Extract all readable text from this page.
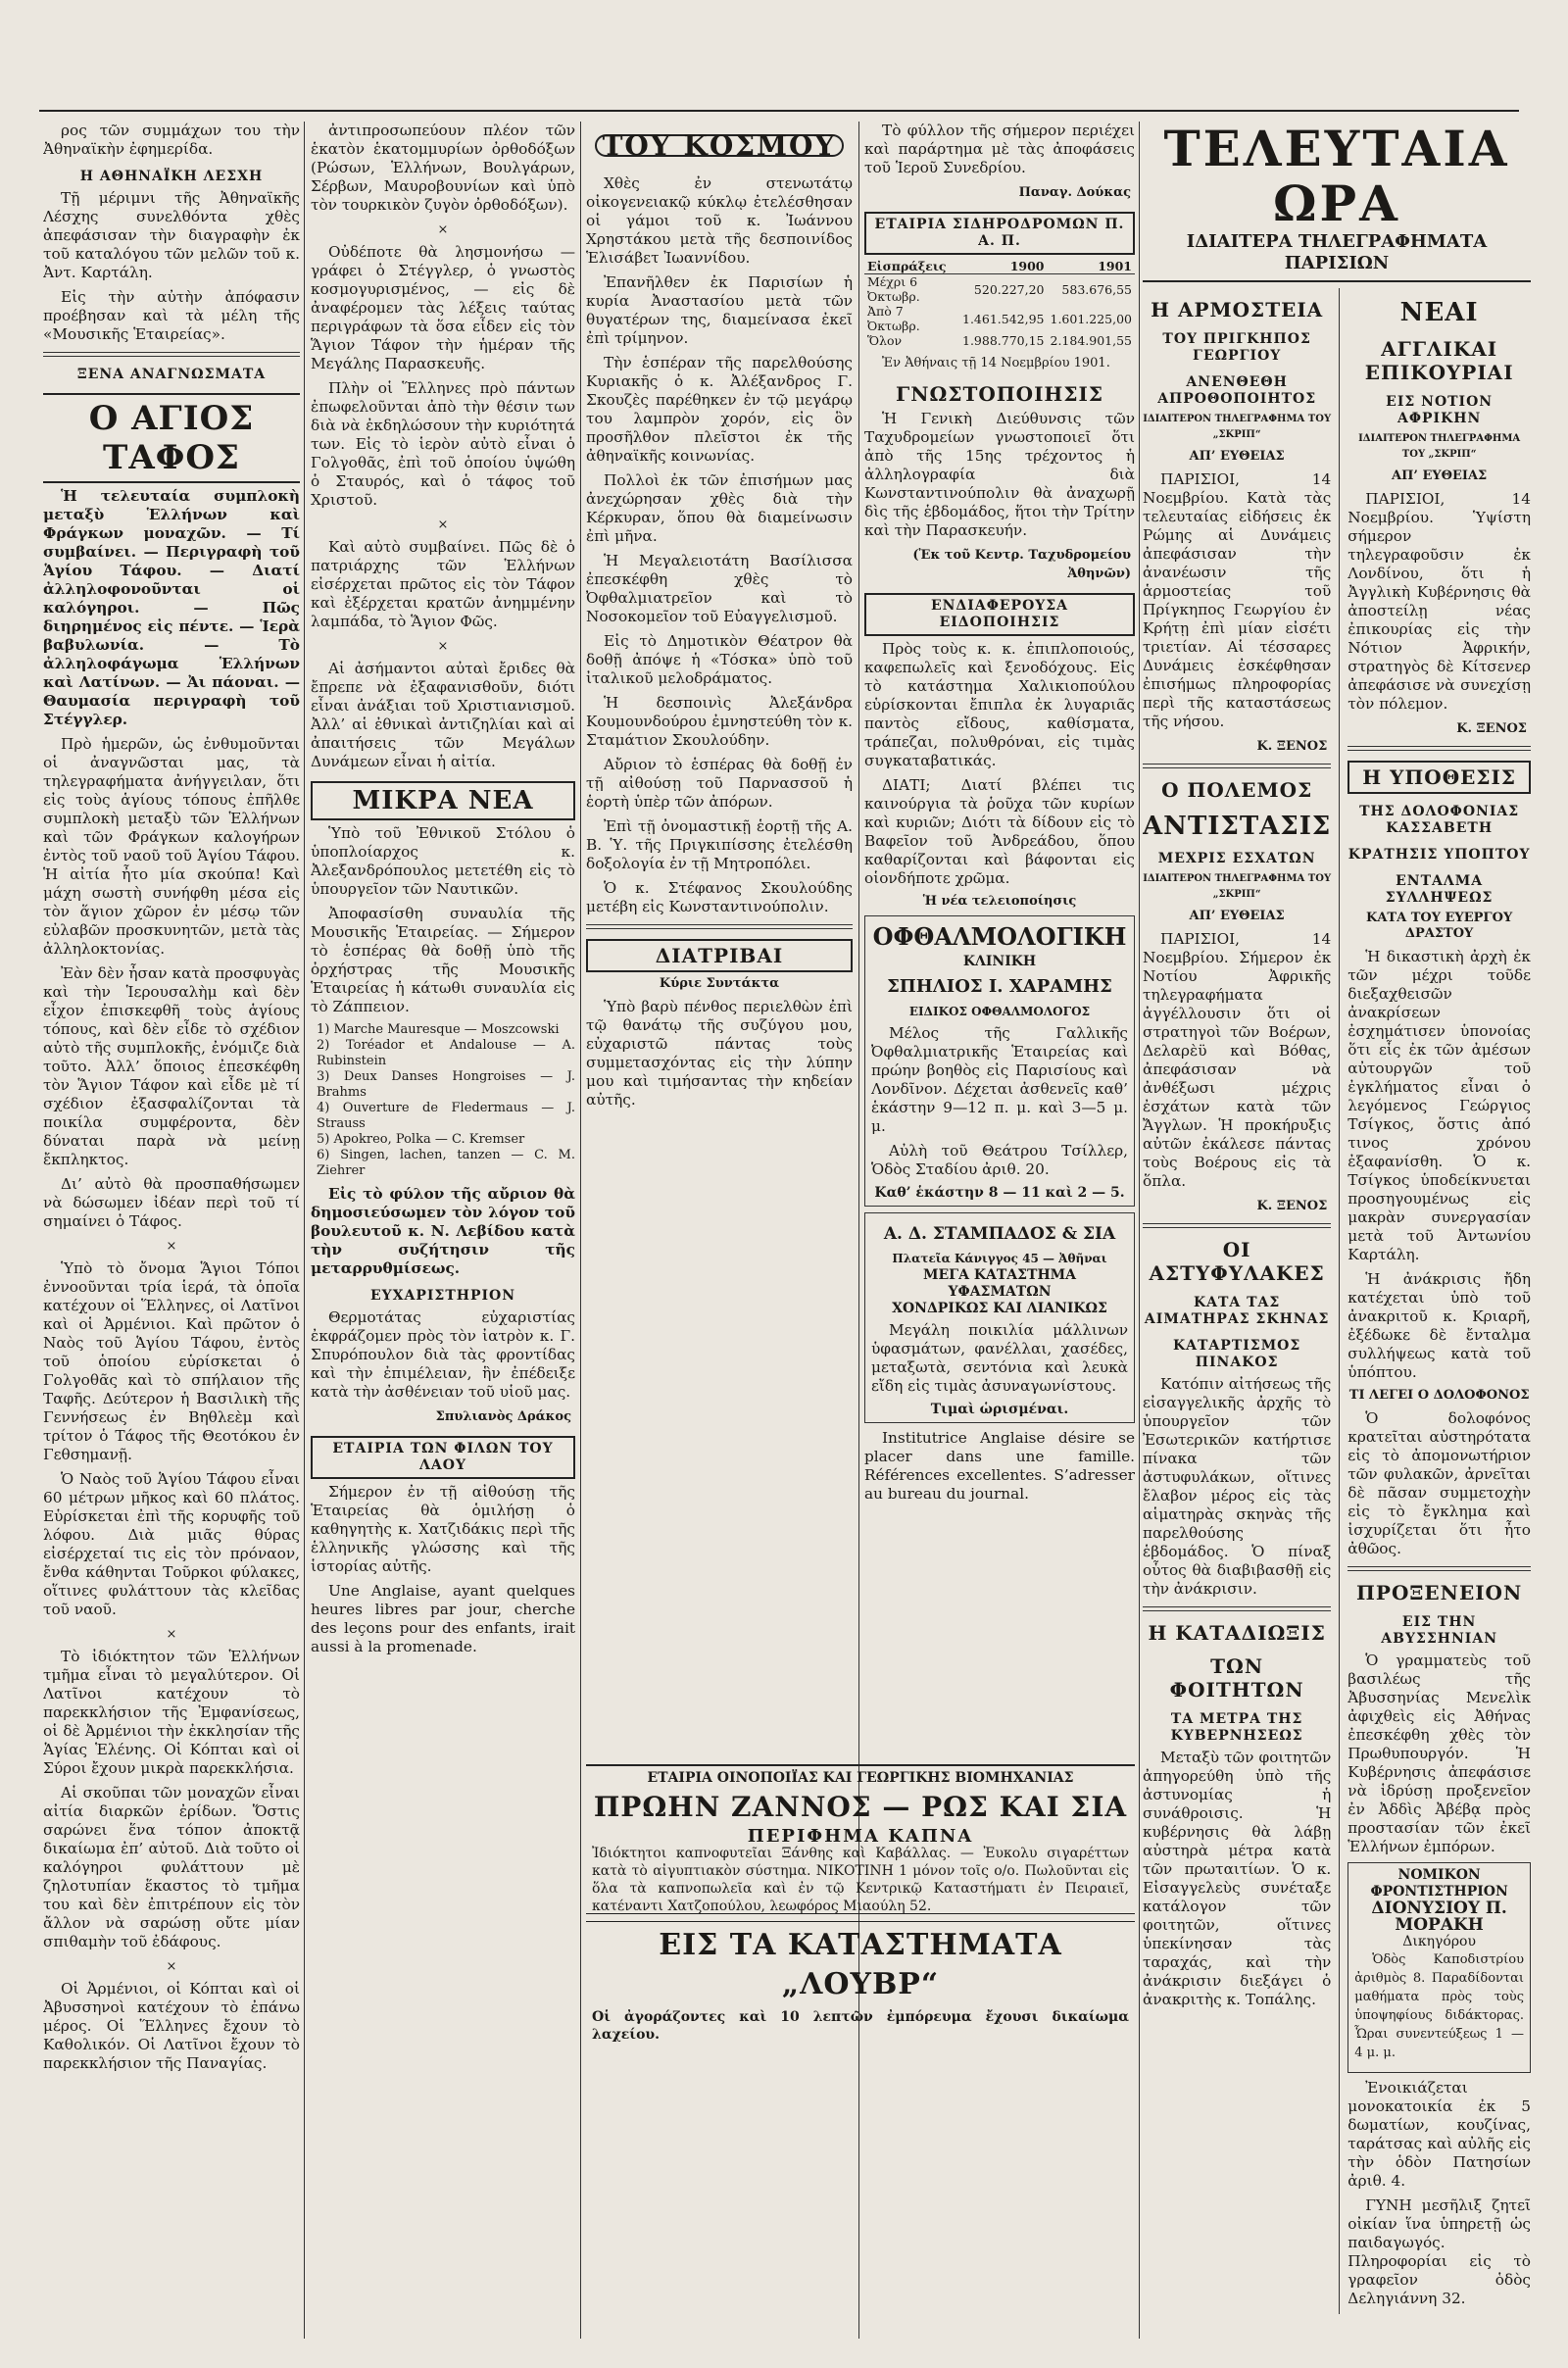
ρος τῶν συμμάχων του τὴν Ἀθηναϊκὴν ἐφημερίδα.

Η ΑΘΗΝΑΪΚΗ ΛΕΣΧΗ

Τῇ μέριμνι τῆς Ἀθηναϊκῆς Λέσχης συνελθόντα χθὲς ἀπεφάσισαν τὴν διαγραφὴν ἐκ τοῦ καταλόγου τῶν μελῶν τοῦ κ. Ἀντ. Καρτάλη.

Εἰς τὴν αὐτὴν ἀπόφασιν προέβησαν καὶ τὰ μέλη τῆς «Μουσικῆς Ἑταιρείας».

ΞΕΝΑ ΑΝΑΓΝΩΣΜΑΤΑ
Ο ΑΓΙΟΣ ΤΑΦΟΣ

Ἡ τελευταία συμπλοκὴ μεταξὺ Ἑλλήνων καὶ Φράγκων μοναχῶν. — Τί συμβαίνει. — Περιγραφὴ τοῦ Ἁγίου Τάφου. — Διατί ἀλληλοφονοῦνται οἱ καλόγηροι. — Πῶς διηρημένος εἰς πέντε. — Ἱερὰ βαβυλωνία. — Τὸ ἀλληλοφάγωμα Ἑλλήνων καὶ Λατίνων. — Ἀι πάοναι. — Θαυμασία περιγραφὴ τοῦ Στέγγλερ.

Πρὸ ἡμερῶν, ὡς ἐνθυμοῦνται οἱ ἀναγνῶσται μας, τὰ τηλεγραφήματα ἀνήγγειλαν, ὅτι εἰς τοὺς ἁγίους τόπους ἐπῆλθε συμπλοκὴ μεταξὺ τῶν Ἑλλήνων καὶ τῶν Φράγκων καλογήρων ἐντὸς τοῦ ναοῦ τοῦ Ἁγίου Τάφου. Ἡ αἰτία ἦτο μία σκούπα! Καὶ μάχη σωστὴ συνήφθη μέσα εἰς τὸν ἅγιον χῶρον ἐν μέσῳ τῶν εὐλαβῶν προσκυνητῶν, μετὰ τὰς ἀλληλοκτονίας.

Ἐὰν δὲν ἦσαν κατὰ προσφυγὰς καὶ τὴν Ἱερουσαλὴμ καὶ δὲν εἶχον ἐπισκεφθῆ τοὺς ἁγίους τόπους, καὶ δὲν εἶδε τὸ σχέδιον αὐτὸ τῆς συμπλοκῆς, ἐνόμιζε διὰ τοῦτο. Ἀλλ’ ὅποιος ἐπεσκέφθη τὸν Ἅγιον Τάφον καὶ εἶδε μὲ τί σχέδιον ἐξασφαλίζονται τὰ ποικίλα συμφέροντα, δὲν δύναται παρὰ νὰ μείνῃ ἔκπληκτος.

Δι’ αὐτὸ θὰ προσπαθήσωμεν νὰ δώσωμεν ἰδέαν περὶ τοῦ τί σημαίνει ὁ Τάφος.

×

Ὑπὸ τὸ ὄνομα Ἅγιοι Τόποι ἐννοοῦνται τρία ἱερά, τὰ ὁποῖα κατέχουν οἱ Ἕλληνες, οἱ Λατῖνοι καὶ οἱ Ἀρμένιοι. Καὶ πρῶτον ὁ Ναὸς τοῦ Ἁγίου Τάφου, ἐντὸς τοῦ ὁποίου εὑρίσκεται ὁ Γολγοθᾶς καὶ τὸ σπήλαιον τῆς Ταφῆς. Δεύτερον ἡ Βασιλικὴ τῆς Γεννήσεως ἐν Βηθλεὲμ καὶ τρίτον ὁ Τάφος τῆς Θεοτόκου ἐν Γεθσημανῇ.

Ὁ Ναὸς τοῦ Ἁγίου Τάφου εἶναι 60 μέτρων μῆκος καὶ 60 πλάτος. Εὑρίσκεται ἐπὶ τῆς κορυφῆς τοῦ λόφου. Διὰ μιᾶς θύρας εἰσέρχεταί τις εἰς τὸν πρόναον, ἔνθα κάθηνται Τοῦρκοι φύλακες, οἵτινες φυλάττουν τὰς κλεῖδας τοῦ ναοῦ.

×

Τὸ ἰδιόκτητον τῶν Ἑλλήνων τμῆμα εἶναι τὸ μεγαλύτερον. Οἱ Λατῖνοι κατέχουν τὸ παρεκκλήσιον τῆς Ἐμφανίσεως, οἱ δὲ Ἀρμένιοι τὴν ἐκκλησίαν τῆς Ἁγίας Ἑλένης. Οἱ Κόπται καὶ οἱ Σύροι ἔχουν μικρὰ παρεκκλήσια.

Αἱ σκοῦπαι τῶν μοναχῶν εἶναι αἰτία διαρκῶν ἐρίδων. Ὅστις σαρώνει ἕνα τόπον ἀποκτᾷ δικαίωμα ἐπ’ αὐτοῦ. Διὰ τοῦτο οἱ καλόγηροι φυλάττουν μὲ ζηλοτυπίαν ἕκαστος τὸ τμῆμα του καὶ δὲν ἐπιτρέπουν εἰς τὸν ἄλλον νὰ σαρώσῃ οὔτε μίαν σπιθαμὴν τοῦ ἐδάφους.

×

Οἱ Ἀρμένιοι, οἱ Κόπται καὶ οἱ Ἀβυσσηνοὶ κατέχουν τὸ ἐπάνω μέρος. Οἱ Ἕλληνες ἔχουν τὸ Καθολικόν. Οἱ Λατῖνοι ἔχουν τὸ παρεκκλήσιον τῆς Παναγίας.

ἀντιπροσωπεύουν πλέον τῶν ἑκατὸν ἑκατομμυρίων ὀρθοδόξων (Ρώσων, Ἑλλήνων, Βουλγάρων, Σέρβων, Μαυροβουνίων καὶ ὑπὸ τὸν τουρκικὸν ζυγὸν ὀρθοδόξων).

×

Οὐδέποτε θὰ λησμονήσω — γράφει ὁ Στέγγλερ, ὁ γνωστὸς κοσμογυρισμένος, — εἰς δὲ ἀναφέρομεν τὰς λέξεις ταύτας περιγράφων τὰ ὅσα εἶδεν εἰς τὸν Ἅγιον Τάφον τὴν ἡμέραν τῆς Μεγάλης Παρασκευῆς.

Πλὴν οἱ Ἕλληνες πρὸ πάντων ἐπωφελοῦνται ἀπὸ τὴν θέσιν των διὰ νὰ ἐκδηλώσουν τὴν κυριότητά των. Εἰς τὸ ἱερὸν αὐτὸ εἶναι ὁ Γολγοθᾶς, ἐπὶ τοῦ ὁποίου ὑψώθη ὁ Σταυρός, καὶ ὁ τάφος τοῦ Χριστοῦ.

×

Καὶ αὐτὸ συμβαίνει. Πῶς δὲ ὁ πατριάρχης τῶν Ἑλλήνων εἰσέρχεται πρῶτος εἰς τὸν Τάφον καὶ ἐξέρχεται κρατῶν ἀνημμένην λαμπάδα, τὸ Ἅγιον Φῶς.

×

Αἱ ἀσήμαντοι αὐταὶ ἔριδες θὰ ἔπρεπε νὰ ἐξαφανισθοῦν, διότι εἶναι ἀνάξιαι τοῦ Χριστιανισμοῦ. Ἀλλ’ αἱ ἐθνικαὶ ἀντιζηλίαι καὶ αἱ ἀπαιτήσεις τῶν Μεγάλων Δυνάμεων εἶναι ἡ αἰτία.

ΜΙΚΡΑ ΝΕΑ

Ὑπὸ τοῦ Ἐθνικοῦ Στόλου ὁ ὑποπλοίαρχος κ. Ἀλεξανδρόπουλος μετετέθη εἰς τὸ ὑπουργεῖον τῶν Ναυτικῶν.

Ἀποφασίσθη συναυλία τῆς Μουσικῆς Ἑταιρείας. — Σήμερον τὸ ἑσπέρας θὰ δοθῇ ὑπὸ τῆς ὀρχήστρας τῆς Μουσικῆς Ἑταιρείας ἡ κάτωθι συναυλία εἰς τὸ Ζάππειον.

1) Marche Mauresque — Moszcowski
2) Toréador et Andalouse — A. Rubinstein
3) Deux Danses Hongroises — J. Brahms
4) Ouverture de Fledermaus — J. Strauss
5) Apokreo, Polka — C. Kremser
6) Singen, lachen, tanzen — C. M. Ziehrer

Εἰς τὸ φύλον τῆς αὔριον θὰ δημοσιεύσωμεν τὸν λόγον τοῦ βουλευτοῦ κ. Ν. Λεβίδου κατὰ τὴν συζήτησιν τῆς μεταρρυθμίσεως.

ΕΥΧΑΡΙΣΤΗΡΙΟΝ

Θερμοτάτας εὐχαριστίας ἐκφράζομεν πρὸς τὸν ἰατρὸν κ. Γ. Σπυρόπουλον διὰ τὰς φροντίδας καὶ τὴν ἐπιμέλειαν, ἣν ἐπέδειξε κατὰ τὴν ἀσθένειαν τοῦ υἱοῦ μας.

Σπυλιανὸς Δράκος
ΕΤΑΙΡΙΑ ΤΩΝ ΦΙΛΩΝ ΤΟΥ ΛΑΟΥ

Σήμερον ἐν τῇ αἰθούσῃ τῆς Ἑταιρείας θὰ ὁμιλήσῃ ὁ καθηγητὴς κ. Χατζιδάκις περὶ τῆς ἑλληνικῆς γλώσσης καὶ τῆς ἱστορίας αὐτῆς.

Une Anglaise, ayant quelques heures libres par jour, cherche des leçons pour des enfants, irait aussi à la promenade.

ΤΟΥ ΚΟΣΜΟΥ

Χθὲς ἐν στενωτάτῳ οἰκογενειακῷ κύκλῳ ἐτελέσθησαν οἱ γάμοι τοῦ κ. Ἰωάννου Χρηστάκου μετὰ τῆς δεσποινίδος Ἑλισάβετ Ἰωαννίδου.

Ἐπανῆλθεν ἐκ Παρισίων ἡ κυρία Ἀναστασίου μετὰ τῶν θυγατέρων της, διαμείνασα ἐκεῖ ἐπὶ τρίμηνον.

Τὴν ἑσπέραν τῆς παρελθούσης Κυριακῆς ὁ κ. Ἀλέξανδρος Γ. Σκουζὲς παρέθηκεν ἐν τῷ μεγάρῳ του λαμπρὸν χορόν, εἰς ὃν προσῆλθον πλεῖστοι ἐκ τῆς ἀθηναϊκῆς κοινωνίας.

Πολλοὶ ἐκ τῶν ἐπισήμων μας ἀνεχώρησαν χθὲς διὰ τὴν Κέρκυραν, ὅπου θὰ διαμείνωσιν ἐπὶ μῆνα.

Ἡ Μεγαλειοτάτη Βασίλισσα ἐπεσκέφθη χθὲς τὸ Ὀφθαλμιατρεῖον καὶ τὸ Νοσοκομεῖον τοῦ Εὐαγγελισμοῦ.

Εἰς τὸ Δημοτικὸν Θέατρον θὰ δοθῇ ἀπόψε ἡ «Τόσκα» ὑπὸ τοῦ ἰταλικοῦ μελοδράματος.

Ἡ δεσποινὶς Ἀλεξάνδρα Κουμουνδούρου ἐμνηστεύθη τὸν κ. Σταμάτιον Σκουλούδην.

Αὔριον τὸ ἑσπέρας θὰ δοθῇ ἐν τῇ αἰθούσῃ τοῦ Παρνασσοῦ ἡ ἑορτὴ ὑπὲρ τῶν ἀπόρων.

Ἐπὶ τῇ ὀνομαστικῇ ἑορτῇ τῆς Α. Β. Ὑ. τῆς Πριγκιπίσσης ἐτελέσθη δοξολογία ἐν τῇ Μητροπόλει.

Ὁ κ. Στέφανος Σκουλούδης μετέβη εἰς Κωνσταντινούπολιν.

ΔΙΑΤΡΙΒΑΙ
Κύριε Συντάκτα

Ὑπὸ βαρὺ πένθος περιελθὼν ἐπὶ τῷ θανάτῳ τῆς συζύγου μου, εὐχαριστῶ πάντας τοὺς συμμετασχόντας εἰς τὴν λύπην μου καὶ τιμήσαντας τὴν κηδείαν αὐτῆς.

Τὸ φύλλον τῆς σήμερον περιέχει καὶ παράρτημα μὲ τὰς ἀποφάσεις τοῦ Ἱεροῦ Συνεδρίου.

Παναγ. Δούκας
ΕΤΑΙΡΙΑ ΣΙΔΗΡΟΔΡΟΜΩΝ Π. Α. Π.
Εἰσπράξεις	1900	1901
Μέχρι 6 Ὀκτωβρ.	520.227,20	583.676,55
Ἀπὸ 7 Ὀκτωβρ.	1.461.542,95	1.601.225,00
Ὅλον	1.988.770,15	2.184.901,55

Ἐν Ἀθήναις τῇ 14 Νοεμβρίου 1901.

ΓΝΩΣΤΟΠΟΙΗΣΙΣ

Ἡ Γενικὴ Διεύθυνσις τῶν Ταχυδρομείων γνωστοποιεῖ ὅτι ἀπὸ τῆς 15ης τρέχοντος ἡ ἀλληλογραφία διὰ Κωνσταντινούπολιν θὰ ἀναχωρῇ δὶς τῆς ἑβδομάδος, ἥτοι τὴν Τρίτην καὶ τὴν Παρασκευήν.

(Ἐκ τοῦ Κεντρ. Ταχυδρομείου Ἀθηνῶν)
ΕΝΔΙΑΦΕΡΟΥΣΑ ΕΙΔΟΠΟΙΗΣΙΣ

Πρὸς τοὺς κ. κ. ἐπιπλοποιούς, καφεπωλεῖς καὶ ξενοδόχους. Εἰς τὸ κατάστημα Χαλικιοπούλου εὑρίσκονται ἔπιπλα ἐκ λυγαριᾶς παντὸς εἴδους, καθίσματα, τράπεζαι, πολυθρόναι, εἰς τιμὰς συγκαταβατικάς.

ΔΙΑΤΙ; Διατί βλέπει τις καινούργια τὰ ῥοῦχα τῶν κυρίων καὶ κυριῶν; Διότι τὰ δίδουν εἰς τὸ Βαφεῖον τοῦ Ἀνδρεάδου, ὅπου καθαρίζονται καὶ βάφονται εἰς οἱονδήποτε χρῶμα.

Ἡ νέα τελειοποίησις
ΟΦΘΑΛΜΟΛΟΓΙΚΗ
ΚΛΙΝΙΚΗ
ΣΠΗΛΙΟΣ Ι. ΧΑΡΑΜΗΣ
ΕΙΔΙΚΟΣ ΟΦΘΑΛΜΟΛΟΓΟΣ

Μέλος τῆς Γαλλικῆς Ὀφθαλμιατρικῆς Ἑταιρείας καὶ πρώην βοηθὸς εἰς Παρισίους καὶ Λονδῖνον. Δέχεται ἀσθενεῖς καθ’ ἑκάστην 9—12 π. μ. καὶ 3—5 μ. μ.

Αὐλὴ τοῦ Θεάτρου Τσίλλερ, Ὁδὸς Σταδίου ἀριθ. 20.

Καθ’ ἑκάστην 8 — 11 καὶ 2 — 5.
Α. Δ. ΣΤΑΜΠΑΔΟΣ & ΣΙΑ
Πλατεῖα Κάνιγγος 45 — Ἀθῆναι
ΜΕΓΑ ΚΑΤΑΣΤΗΜΑ ΥΦΑΣΜΑΤΩΝ
ΧΟΝΔΡΙΚΩΣ ΚΑΙ ΛΙΑΝΙΚΩΣ

Μεγάλη ποικιλία μάλλινων ὑφασμάτων, φανέλλαι, χασέδες, μεταξωτὰ, σεντόνια καὶ λευκὰ εἴδη εἰς τιμὰς ἀσυναγωνίστους.

Τιμαὶ ὡρισμέναι.

Institutrice Anglaise désire se placer dans une famille. Références excellentes. S’adresser au bureau du journal.

ΕΤΑΙΡΙΑ ΟΙΝΟΠΟΙΪΑΣ ΚΑΙ ΓΕΩΡΓΙΚΗΣ ΒΙΟΜΗΧΑΝΙΑΣ
ΠΡΩΗΝ ΖΑΝΝΟΣ — ΡΩΣ ΚΑΙ ΣΙΑ
ΠΕΡΙΦΗΜΑ ΚΑΠΝΑ
Ἰδιόκτητοι καπνοφυτεῖαι Ξάνθης καὶ Καβάλλας. — Ἐυκολυ σιγαρέττων κατὰ τὸ αἰγυπτιακὸν σύστημα. ΝΙΚΟΤΙΝΗ 1 μόνον τοῖς ο/ο. Πωλοῦνται εἰς ὅλα τὰ καπνοπωλεῖα καὶ ἐν τῷ Κεντρικῷ Καταστήματι ἐν Πειραιεῖ, κατέναντι Χατζοπούλου, λεωφόρος Μιαούλη 52.
ΕΙΣ ΤΑ ΚΑΤΑΣΤΗΜΑΤΑ „ΛΟΥΒΡ“
Οἱ ἀγοράζοντες καὶ 10 λεπτῶν ἐμπόρευμα ἔχουσι δικαίωμα λαχείου.
ΤΕΛΕΥΤΑΙΑ ΩΡΑ
ΙΔΙΑΙΤΕΡΑ ΤΗΛΕΓΡΑΦΗΜΑΤΑ ΠΑΡΙΣΙΩΝ
Η ΑΡΜΟΣΤΕΙΑ
ΤΟΥ ΠΡΙΓΚΗΠΟΣ ΓΕΩΡΓΙΟΥ
ΑΝΕΝΘΕΘΗ ΑΠΡΟΘΟΠΟΙΗΤΟΣ
ΙΔΙΑΙΤΕΡΟΝ ΤΗΛΕΓΡΑΦΗΜΑ ΤΟΥ „ΣΚΡΙΠ“
ΑΠ’ ΕΥΘΕΙΑΣ

ΠΑΡΙΣΙΟΙ, 14 Νοεμβρίου. Κατὰ τὰς τελευταίας εἰδήσεις ἐκ Ρώμης αἱ Δυνάμεις ἀπεφάσισαν τὴν ἀνανέωσιν τῆς ἁρμοστείας τοῦ Πρίγκηπος Γεωργίου ἐν Κρήτῃ ἐπὶ μίαν εἰσέτι τριετίαν. Αἱ τέσσαρες Δυνάμεις ἐσκέφθησαν ἐπισήμως πληροφορίας περὶ τῆς καταστάσεως τῆς νήσου.

Κ. ΞΕΝΟΣ
Ο ΠΟΛΕΜΟΣ
ΑΝΤΙΣΤΑΣΙΣ
ΜΕΧΡΙΣ ΕΣΧΑΤΩΝ
ΙΔΙΑΙΤΕΡΟΝ ΤΗΛΕΓΡΑΦΗΜΑ ΤΟΥ „ΣΚΡΙΠ“
ΑΠ’ ΕΥΘΕΙΑΣ

ΠΑΡΙΣΙΟΙ, 14 Νοεμβρίου. Σήμερον ἐκ Νοτίου Ἀφρικῆς τηλεγραφήματα ἀγγέλλουσιν ὅτι οἱ στρατηγοὶ τῶν Βοέρων, Δελαρὲϋ καὶ Βόθας, ἀπεφάσισαν νὰ ἀνθέξωσι μέχρις ἐσχάτων κατὰ τῶν Ἄγγλων. Ἡ προκήρυξις αὐτῶν ἐκάλεσε πάντας τοὺς Βοέρους εἰς τὰ ὅπλα.

Κ. ΞΕΝΟΣ
ΟΙ ΑΣΤΥΦΥΛΑΚΕΣ
ΚΑΤΑ ΤΑΣ ΑΙΜΑΤΗΡΑΣ ΣΚΗΝΑΣ
ΚΑΤΑΡΤΙΣΜΟΣ ΠΙΝΑΚΟΣ

Κατόπιν αἰτήσεως τῆς εἰσαγγελικῆς ἀρχῆς τὸ ὑπουργεῖον τῶν Ἐσωτερικῶν κατήρτισε πίνακα τῶν ἀστυφυλάκων, οἵτινες ἔλαβον μέρος εἰς τὰς αἱματηρὰς σκηνὰς τῆς παρελθούσης ἑβδομάδος. Ὁ πίναξ οὗτος θὰ διαβιβασθῇ εἰς τὴν ἀνάκρισιν.

Η ΚΑΤΑΔΙΩΞΙΣ
ΤΩΝ ΦΟΙΤΗΤΩΝ
ΤΑ ΜΕΤΡΑ ΤΗΣ ΚΥΒΕΡΝΗΣΕΩΣ

Μεταξὺ τῶν φοιτητῶν ἀπηγορεύθη ὑπὸ τῆς ἀστυνομίας ἡ συνάθροισις. Ἡ κυβέρνησις θὰ λάβῃ αὐστηρὰ μέτρα κατὰ τῶν πρωταιτίων. Ὁ κ. Εἰσαγγελεὺς συνέταξε κατάλογον τῶν φοιτητῶν, οἵτινες ὑπεκίνησαν τὰς ταραχάς, καὶ τὴν ἀνάκρισιν διεξάγει ὁ ἀνακριτὴς κ. Τοπάλης.

ΝΕΑΙ
ΑΓΓΛΙΚΑΙ ΕΠΙΚΟΥΡΙΑΙ
ΕΙΣ ΝΟΤΙΟΝ ΑΦΡΙΚΗΝ
ΙΔΙΑΙΤΕΡΟΝ ΤΗΛΕΓΡΑΦΗΜΑ ΤΟΥ „ΣΚΡΙΠ“
ΑΠ’ ΕΥΘΕΙΑΣ

ΠΑΡΙΣΙΟΙ, 14 Νοεμβρίου. Ὑψίστη σήμερον τηλεγραφοῦσιν ἐκ Λονδίνου, ὅτι ἡ Ἀγγλικὴ Κυβέρνησις θὰ ἀποστείλῃ νέας ἐπικουρίας εἰς τὴν Νότιον Ἀφρικήν, στρατηγὸς δὲ Κίτσενερ ἀπεφάσισε νὰ συνεχίσῃ τὸν πόλεμον.

Κ. ΞΕΝΟΣ
Η ΥΠΟΘΕΣΙΣ
ΤΗΣ ΔΟΛΟΦΟΝΙΑΣ ΚΑΣΣΑΒΕΤΗ
ΚΡΑΤΗΣΙΣ ΥΠΟΠΤΟΥ
ΕΝΤΑΛΜΑ ΣΥΛΛΗΨΕΩΣ
ΚΑΤΑ ΤΟΥ ΕΥΕΡΓΟΥ ΔΡΑΣΤΟΥ

Ἡ δικαστικὴ ἀρχὴ ἐκ τῶν μέχρι τοῦδε διεξαχθεισῶν ἀνακρίσεων ἐσχημάτισεν ὑπονοίας ὅτι εἷς ἐκ τῶν ἀμέσων αὐτουργῶν τοῦ ἐγκλήματος εἶναι ὁ λεγόμενος Γεώργιος Τσίγκος, ὅστις ἀπό τινος χρόνου ἐξαφανίσθη. Ὁ κ. Τσίγκος ὑποδείκνυεται προσηγουμένως εἰς μακρὰν συνεργασίαν μετὰ τοῦ Ἀντωνίου Καρτάλη.

Ἡ ἀνάκρισις ἤδη κατέχεται ὑπὸ τοῦ ἀνακριτοῦ κ. Κριαρῆ, ἐξέδωκε δὲ ἔνταλμα συλλήψεως κατὰ τοῦ ὑπόπτου.

ΤΙ ΛΕΓΕΙ Ο ΔΟΛΟΦΟΝΟΣ

Ὁ δολοφόνος κρατεῖται αὐστηρότατα εἰς τὸ ἀπομονωτήριον τῶν φυλακῶν, ἀρνεῖται δὲ πᾶσαν συμμετοχὴν εἰς τὸ ἔγκλημα καὶ ἰσχυρίζεται ὅτι ἦτο ἀθῶος.

ΠΡΟΞΕΝΕΙΟΝ
ΕΙΣ ΤΗΝ ΑΒΥΣΣΗΝΙΑΝ

Ὁ γραμματεὺς τοῦ βασιλέως τῆς Ἀβυσσηνίας Μενελὶκ ἀφιχθεὶς εἰς Ἀθήνας ἐπεσκέφθη χθὲς τὸν Πρωθυπουργόν. Ἡ Κυβέρνησις ἀπεφάσισε νὰ ἱδρύσῃ προξενεῖον ἐν Ἀδδὶς Ἀβέβᾳ πρὸς προστασίαν τῶν ἐκεῖ Ἑλλήνων ἐμπόρων.

ΝΟΜΙΚΟΝ ΦΡΟΝΤΙΣΤΗΡΙΟΝ
ΔΙΟΝΥΣΙΟΥ Π. ΜΟΡΑΚΗ
Δικηγόρου

Ὁδὸς Καποδιστρίου ἀριθμὸς 8. Παραδίδονται μαθήματα πρὸς τοὺς ὑποψηφίους διδάκτορας. Ὧραι συνεντεύξεως 1 — 4 μ. μ.

Ἐνοικιάζεται μονοκατοικία ἐκ 5 δωματίων, κουζίνας, ταράτσας καὶ αὐλῆς εἰς τὴν ὁδὸν Πατησίων ἀριθ. 4.

ΓΥΝΗ μεσῆλιξ ζητεῖ οἰκίαν ἵνα ὑπηρετῇ ὡς παιδαγωγός. Πληροφορίαι εἰς τὸ γραφεῖον ὁδὸς Δεληγιάννη 32.
